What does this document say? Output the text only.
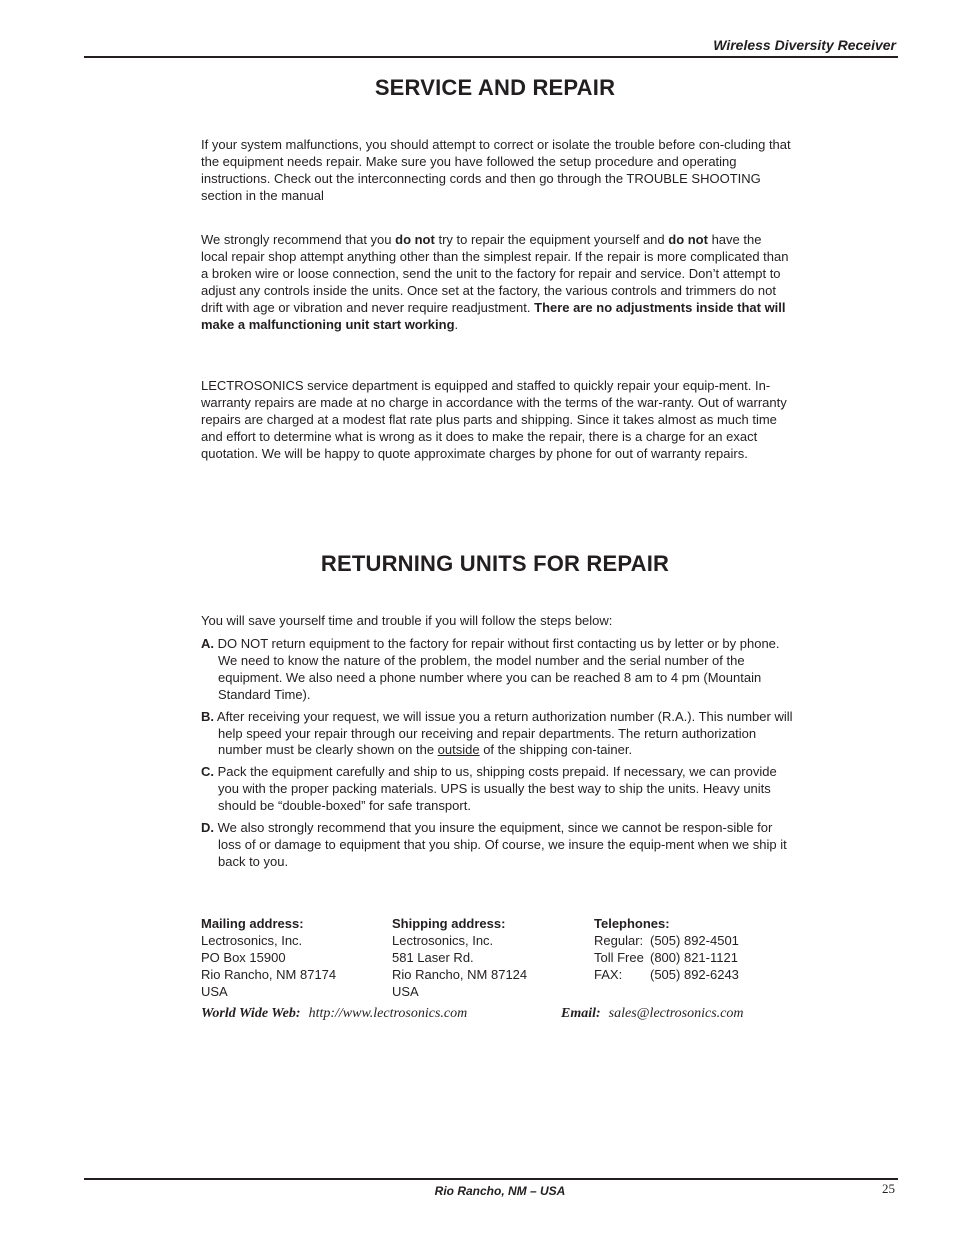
Wireless Diversity Receiver
SERVICE AND REPAIR
If your system malfunctions, you should attempt to correct or isolate the trouble before con-cluding that the equipment needs repair. Make sure you have followed the setup procedure and operating instructions. Check out the interconnecting cords and then go through the TROUBLE SHOOTING section in the manual
We strongly recommend that you do not try to repair the equipment yourself and do not have the local repair shop attempt anything other than the simplest repair. If the repair is more complicated than a broken wire or loose connection, send the unit to the factory for repair and service. Don’t attempt to adjust any controls inside the units. Once set at the factory, the various controls and trimmers do not drift with age or vibration and never require readjustment. There are no adjustments inside that will make a malfunctioning unit start working.
LECTROSONICS service department is equipped and staffed to quickly repair your equip-ment. In-warranty repairs are made at no charge in accordance with the terms of the war-ranty. Out of warranty repairs are charged at a modest flat rate plus parts and shipping. Since it takes almost as much time and effort to determine what is wrong as it does to make the repair, there is a charge for an exact quotation. We will be happy to quote approximate charges by phone for out of warranty repairs.
RETURNING UNITS FOR REPAIR
You will save yourself time and trouble if you will follow the steps below:
A. DO NOT return equipment to the factory for repair without first contacting us by letter or by phone. We need to know the nature of the problem, the model number and the serial number of the equipment. We also need a phone number where you can be reached 8 am to 4 pm (Mountain Standard Time).
B. After receiving your request, we will issue you a return authorization number (R.A.). This number will help speed your repair through our receiving and repair departments. The return authorization number must be clearly shown on the outside of the shipping con-tainer.
C. Pack the equipment carefully and ship to us, shipping costs prepaid. If necessary, we can provide you with the proper packing materials. UPS is usually the best way to ship the units. Heavy units should be “double-boxed” for safe transport.
D. We also strongly recommend that you insure the equipment, since we cannot be respon-sible for loss of or damage to equipment that you ship. Of course, we insure the equip-ment when we ship it back to you.
Mailing address:
Lectrosonics, Inc.
PO Box 15900
Rio Rancho, NM 87174
USA
Shipping address:
Lectrosonics, Inc.
581 Laser Rd.
Rio Rancho, NM 87124
USA
Telephones:
Regular: (505) 892-4501
Toll Free (800) 821-1121
FAX:	(505) 892-6243
World Wide Web: http://www.lectrosonics.com	Email: sales@lectrosonics.com
Rio Rancho, NM – USA	25
